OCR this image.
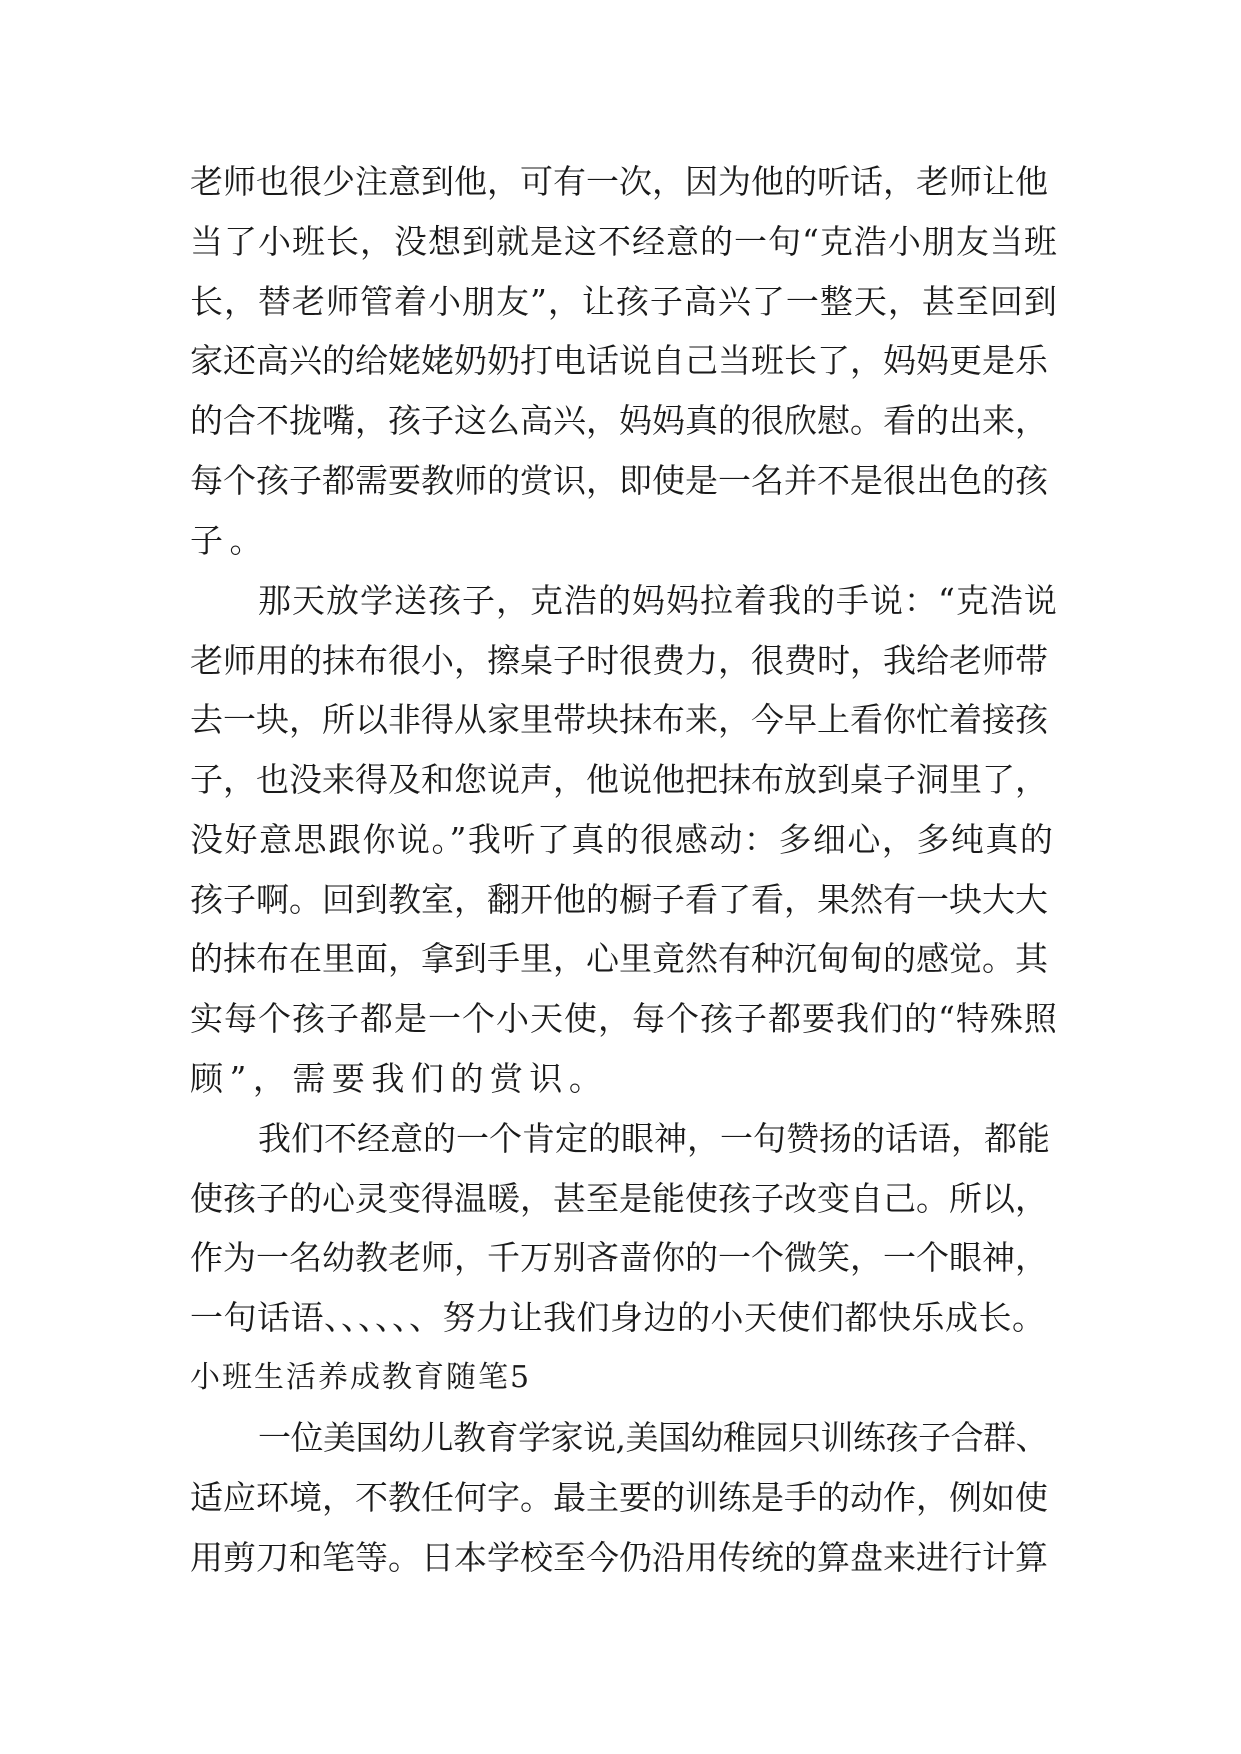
老师也很少注意到他，可有一次，因为他的听话，老师让他
当了小班长，没想到就是这不经意的一句“克浩小朋友当班
长，替老师管着小朋友”，让孩子高兴了一整天，甚至回到
家还高兴的给姥姥奶奶打电话说自己当班长了，妈妈更是乐
的合不拢嘴，孩子这么高兴，妈妈真的很欣慰。看的出来，
每个孩子都需要教师的赏识，即使是一名并不是很出色的孩
子。
那天放学送孩子，克浩的妈妈拉着我的手说：“克浩说
老师用的抹布很小，擦桌子时很费力，很费时，我给老师带
去一块，所以非得从家里带块抹布来，今早上看你忙着接孩
子，也没来得及和您说声，他说他把抹布放到桌子洞里了，
没好意思跟你说。”我听了真的很感动：多细心，多纯真的
孩子啊。回到教室，翻开他的橱子看了看，果然有一块大大
的抹布在里面，拿到手里，心里竟然有种沉甸甸的感觉。其
实每个孩子都是一个小天使，每个孩子都要我们的“特殊照
顾”，需要我们的赏识。
我们不经意的一个肯定的眼神，一句赞扬的话语，都能
使孩子的心灵变得温暖，甚至是能使孩子改变自己。所以，
作为一名幼教老师，千万别吝啬你的一个微笑，一个眼神，
一句话语、、、、、、努力让我们身边的小天使们都快乐成长。
小班生活养成教育随笔5
一位美国幼儿教育学家说,美国幼稚园只训练孩子合群、
适应环境，不教任何字。最主要的训练是手的动作，例如使
用剪刀和笔等。日本学校至今仍沿用传统的算盘来进行计算
